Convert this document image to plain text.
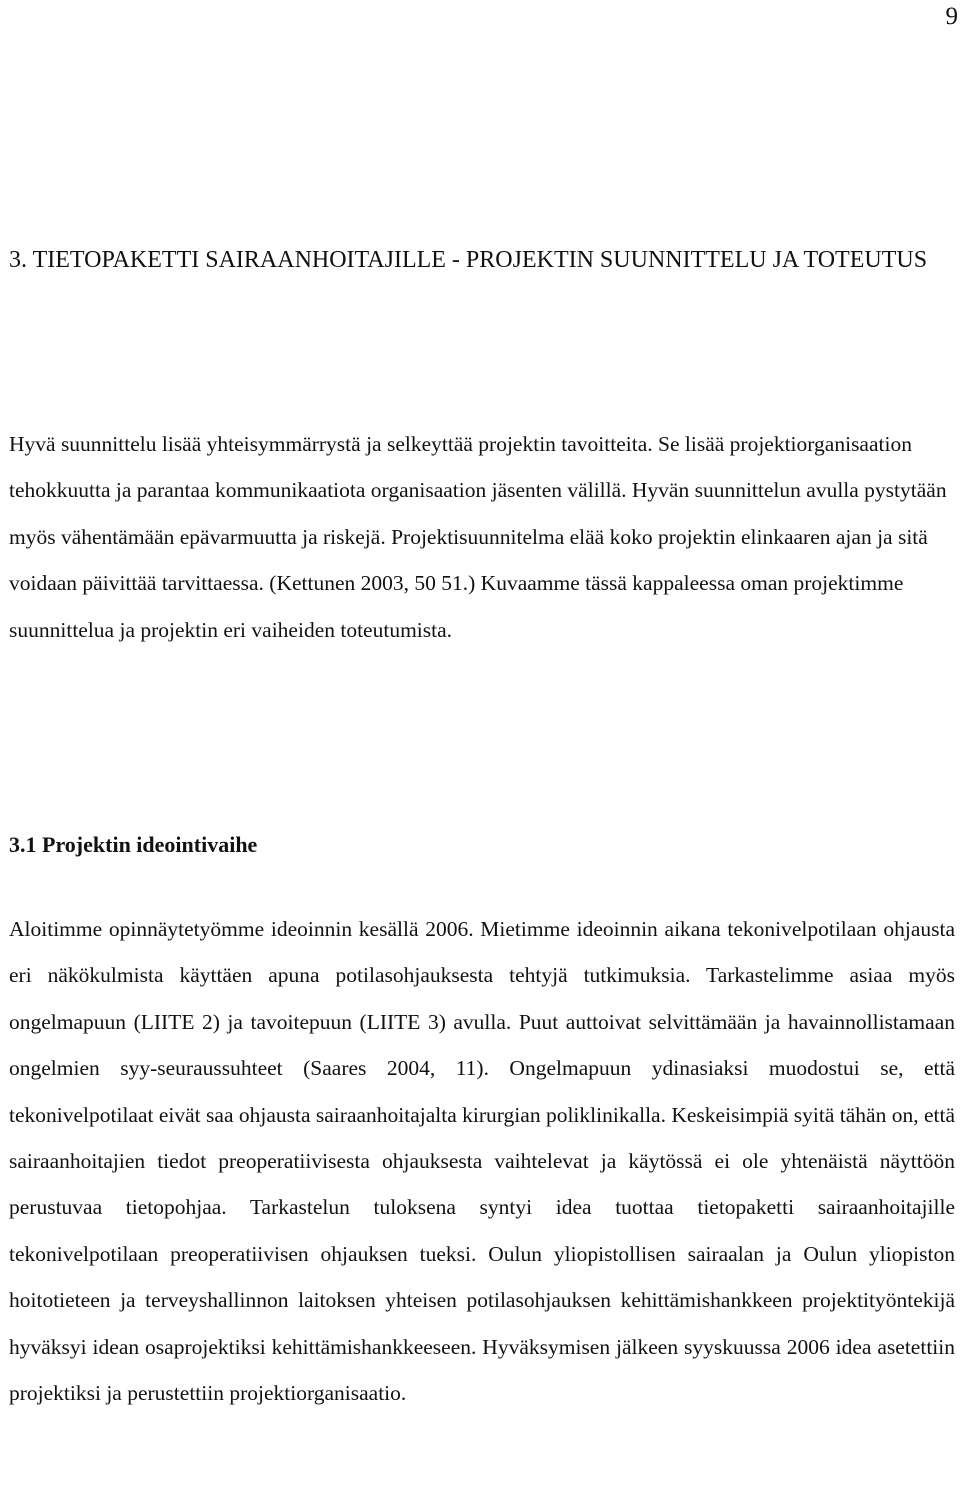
9
3. TIETOPAKETTI SAIRAANHOITAJILLE - PROJEKTIN SUUNNITTELU JA TOTEUTUS

Hyvä suunnittelu lisää yhteisymmärrystä ja selkeyttää projektin tavoitteita. Se lisää projektiorganisaation tehokkuutta ja parantaa kommunikaatiota organisaation jäsenten välillä. Hyvän suunnittelun avulla pystytään myös vähentämään epävarmuutta ja riskejä. Projektisuunnitelma elää koko projektin elinkaaren ajan ja sitä voidaan päivittää tarvittaessa. (Kettunen 2003, 50 51.) Kuvaamme tässä kappaleessa oman projektimme suunnittelua ja projektin eri vaiheiden toteutumista.

3.1 Projektin ideointivaihe

Aloitimme opinnäytetyömme ideoinnin kesällä 2006. Mietimme ideoinnin aikana tekonivelpotilaan ohjausta eri näkökulmista käyttäen apuna potilasohjauksesta tehtyjä tutkimuksia. Tarkastelimme asiaa myös ongelmapuun (LIITE 2) ja tavoitepuun (LIITE 3) avulla. Puut auttoivat selvittämään ja havainnollistamaan ongelmien syy-seuraussuhteet (Saares 2004, 11). Ongelmapuun ydinasiaksi muodostui se, että tekonivelpotilaat eivät saa ohjausta sairaanhoitajalta kirurgian poliklinikalla. Keskeisimpiä syitä tähän on, että sairaanhoitajien tiedot preoperatiivisesta ohjauksesta vaihtelevat ja käytössä ei ole yhtenäistä näyttöön perustuvaa tietopohjaa. Tarkastelun tuloksena syntyi idea tuottaa tietopaketti sairaanhoitajille tekonivelpotilaan preoperatiivisen ohjauksen tueksi. Oulun yliopistollisen sairaalan ja Oulun yliopiston hoitotieteen ja terveyshallinnon laitoksen yhteisen potilasohjauksen kehittämishankkeen projektityöntekijä hyväksyi idean osaprojektiksi kehittämishankkeeseen. Hyväksymisen jälkeen syyskuussa 2006 idea asetettiin projektiksi ja perustettiin projektiorganisaatio.
